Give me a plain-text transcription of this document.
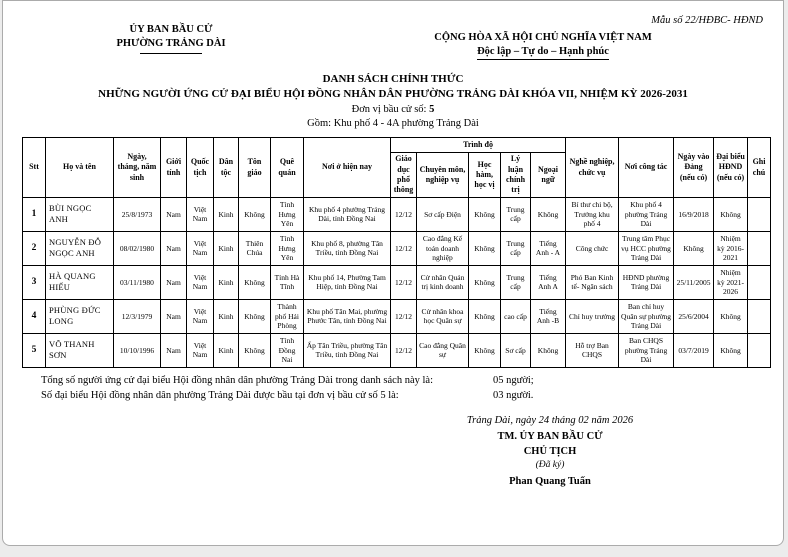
Mẫu số 22/HĐBC- HĐND
ỦY BAN BẦU CỬ
PHƯỜNG TRẢNG DÀI
CỘNG HÒA XÃ HỘI CHỦ NGHĨA VIỆT NAM
Độc lập – Tự do – Hạnh phúc
DANH SÁCH CHÍNH THỨC
NHỮNG NGƯỜI ỨNG CỬ ĐẠI BIỂU HỘI ĐỒNG NHÂN DÂN PHƯỜNG TRẢNG DÀI KHÓA VII, NHIỆM KỲ 2026-2031
Đơn vị bầu cử số: 5
Gồm: Khu phố 4 - 4A phường Trảng Dài
Stt	Họ và tên	Ngày, tháng, năm sinh	Giới tính	Quốc tịch	Dân tộc	Tôn giáo	Quê quán	Nơi ở hiện nay	Trình độ					Nghề nghiệp, chức vụ	Nơi công tác	Ngày vào Đảng (nếu có)	Đại biểu HĐND (nếu có)	Ghi chú
									Giáo dục phổ thông	Chuyên môn, nghiệp vụ	Học hàm, học vị	Lý luận chính trị	Ngoại ngữ					
1	BÙI NGỌC ANH	25/8/1973	Nam	Việt Nam	Kinh	Không	Tỉnh Hưng Yên	Khu phố 4 phường Trảng Dài, tỉnh Đồng Nai	12/12	Sơ cấp Điện	Không	Trung cấp	Không	Bí thư chi bộ, Trưởng khu phố 4	Khu phố 4 phường Trảng Dài	16/9/2018	Không	
2	NGUYỄN ĐỖ NGỌC ANH	08/02/1980	Nam	Việt Nam	Kinh	Thiên Chúa	Tỉnh Hưng Yên	Khu phố 8, phường Tân Triều, tỉnh Đồng Nai	12/12	Cao đẳng Kế toán doanh nghiệp	Không	Trung cấp	Tiếng Anh - A	Công chức	Trung tâm Phục vụ HCC phường Trảng Dài	Không	Nhiệm kỳ 2016-2021	
3	HÀ QUANG HIẾU	03/11/1980	Nam	Việt Nam	Kinh	Không	Tỉnh Hà Tĩnh	Khu phố 14, Phường Tam Hiệp, tỉnh Đồng Nai	12/12	Cử nhân Quản trị kinh doanh	Không	Trung cấp	Tiếng Anh A	Phó Ban Kinh tế- Ngân sách	HĐND phường Trảng Dài	25/11/2005	Nhiệm kỳ 2021-2026	
4	PHÙNG ĐỨC LONG	12/3/1979	Nam	Việt Nam	Kinh	Không	Thành phố Hải Phòng	Khu phố Tân Mai, phường Phước Tân, tỉnh Đồng Nai	12/12	Cử nhân khoa học Quân sự	Không	cao cấp	Tiếng Anh -B	Chỉ huy trưởng	Ban chỉ huy Quân sự phường Trảng Dài	25/6/2004	Không	
5	VÕ THANH SƠN	10/10/1996	Nam	Việt Nam	Kinh	Không	Tỉnh Đồng Nai	Ấp Tân Triều, phường Tân Triều, tỉnh Đồng Nai	12/12	Cao đẳng Quân sự	Không	Sơ cấp	Không	Hỗ trợ Ban CHQS	Ban CHQS phường Trảng Dài	03/7/2019	Không	
Tổng số người ứng cử đại biểu Hội đồng nhân dân phường Trảng Dài trong danh sách này là:	05 người;
Số đại biểu Hội đồng nhân dân phường Trảng Dài được bầu tại đơn vị bầu cử số 5 là:	03 người.
Trảng Dài, ngày 24 tháng 02 năm 2026
TM. ỦY BAN BẦU CỬ
CHỦ TỊCH
(Đã ký)
Phan Quang Tuấn
